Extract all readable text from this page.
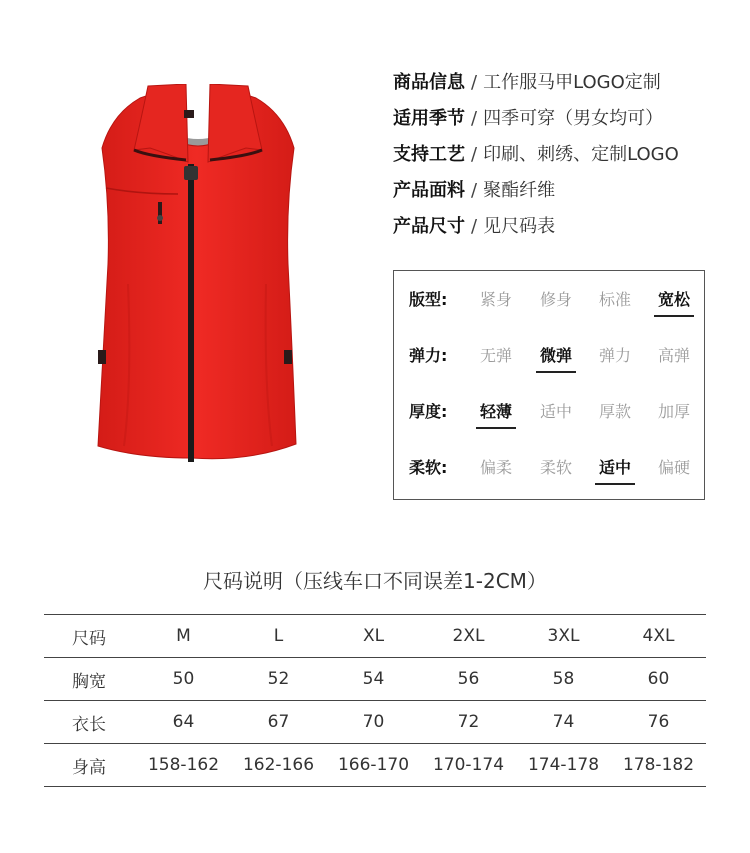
商品信息 / 工作服马甲LOGO定制
适用季节 / 四季可穿（男女均可）
支持工艺 / 印刷、刺绣、定制LOGO
产品面料 / 聚酯纤维
产品尺寸 / 见尺码表
版型: 紧身 修身 标准 宽松
弹力: 无弹 微弹 弹力 高弹
厚度: 轻薄 适中 厚款 加厚
柔软: 偏柔 柔软 适中 偏硬
尺码说明（压线车口不同误差1-2CM）
尺码	M	L	XL	2XL	3XL	4XL
胸宽	50	52	54	56	58	60
衣长	64	67	70	72	74	76
身高	158-162	162-166	166-170	170-174	174-178	178-182
